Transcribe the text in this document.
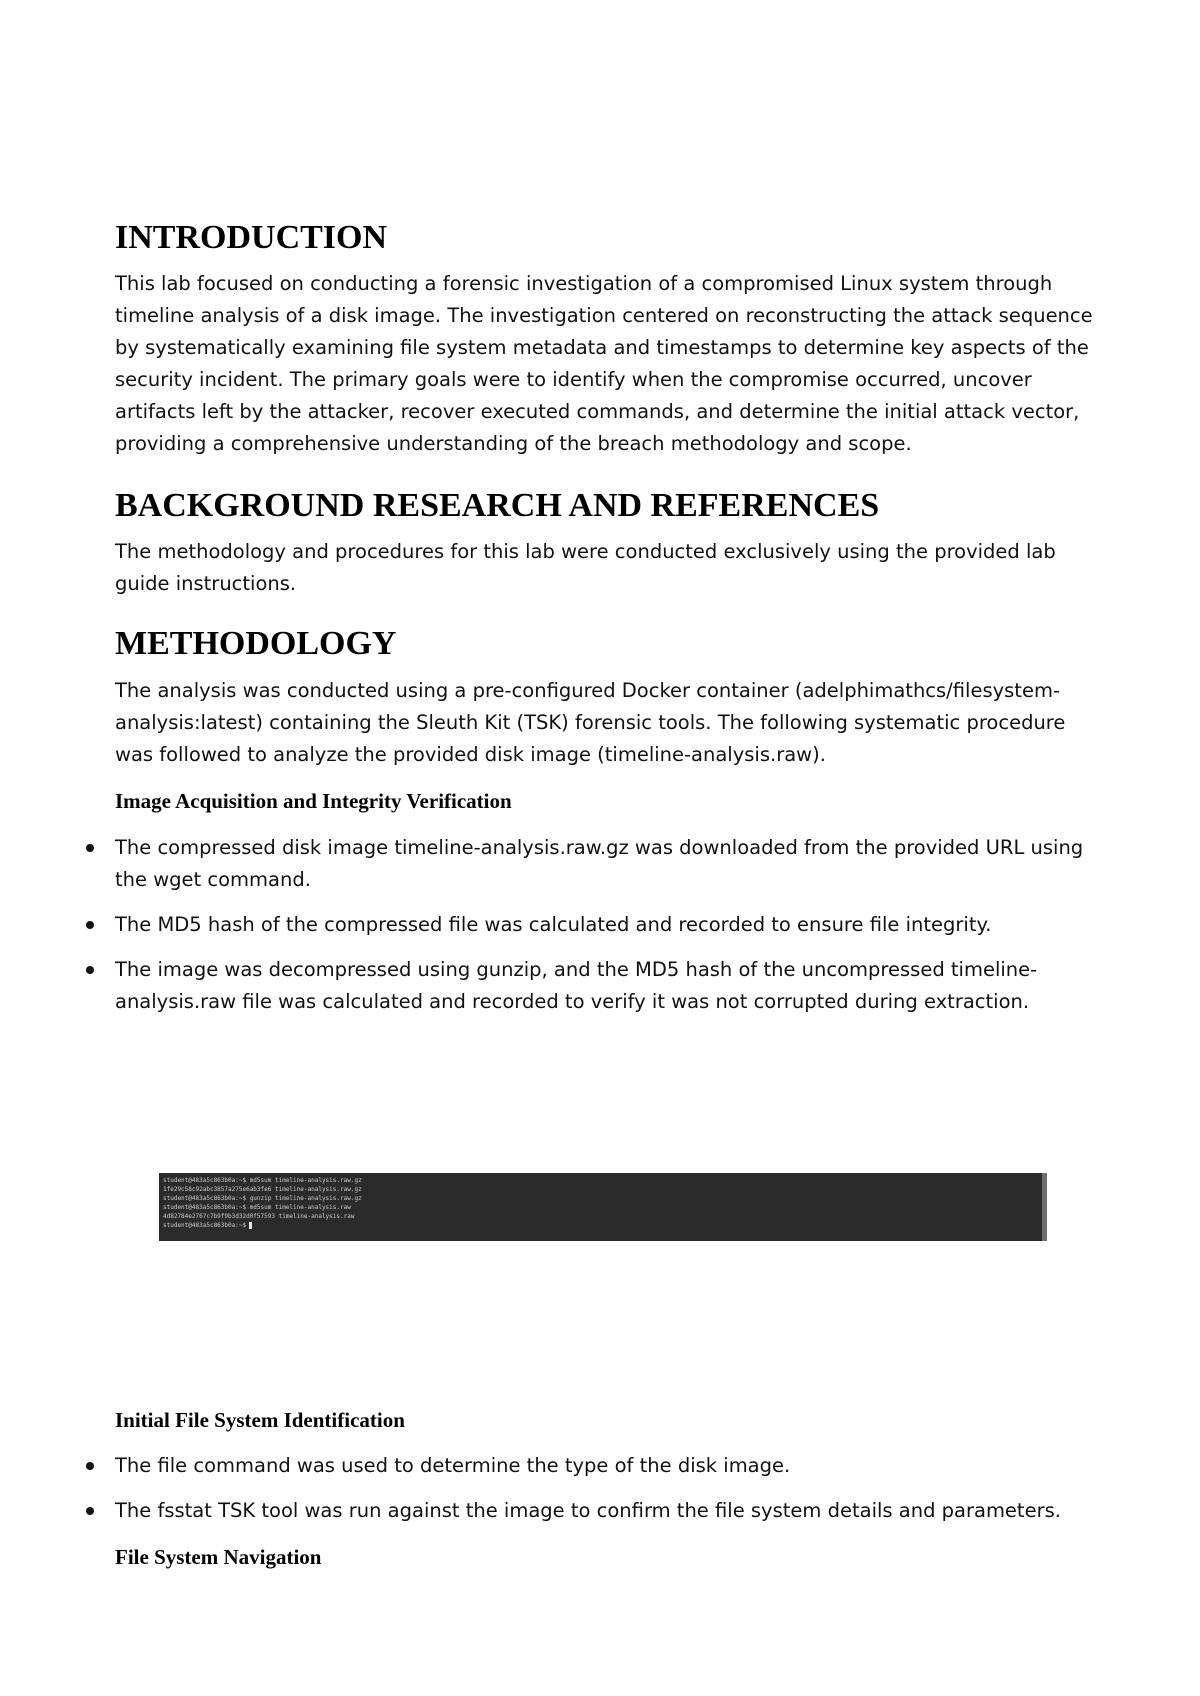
INTRODUCTION

This lab focused on conducting a forensic investigation of a compromised Linux system through timeline analysis of a disk image. The investigation centered on reconstructing the attack sequence by systematically examining file system metadata and timestamps to determine key aspects of the security incident. The primary goals were to identify when the compromise occurred, uncover artifacts left by the attacker, recover executed commands, and determine the initial attack vector, providing a comprehensive understanding of the breach methodology and scope.

BACKGROUND RESEARCH AND REFERENCES

The methodology and procedures for this lab were conducted exclusively using the provided lab guide instructions.

METHODOLOGY

The analysis was conducted using a pre-configured Docker container (adelphimathcs/filesystem-analysis:latest) containing the Sleuth Kit (TSK) forensic tools. The following systematic procedure was followed to analyze the provided disk image (timeline-analysis.raw).

Image Acquisition and Integrity Verification
The compressed disk image timeline-analysis.raw.gz was downloaded from the provided URL using the wget command.
The MD5 hash of the compressed file was calculated and recorded to ensure file integrity.
The image was decompressed using gunzip, and the MD5 hash of the uncompressed timeline-analysis.raw file was calculated and recorded to verify it was not corrupted during extraction.
student@483a5c863b0a:~$ md5sum timeline-analysis.raw.gz
1fe29c58c92abc3857a275e6ab3fe6 timeline-analysis.raw.gz
student@483a5c863b0a:~$ gunzip timeline-analysis.raw.gz
student@483a5c863b0a:~$ md5sum timeline-analysis.raw
4d82784e2767c7b9f9b3d32d0f57593 timeline-analysis.raw
student@483a5c863b0a:~$
Initial File System Identification
The file command was used to determine the type of the disk image.
The fsstat TSK tool was run against the image to confirm the file system details and parameters.
File System Navigation
